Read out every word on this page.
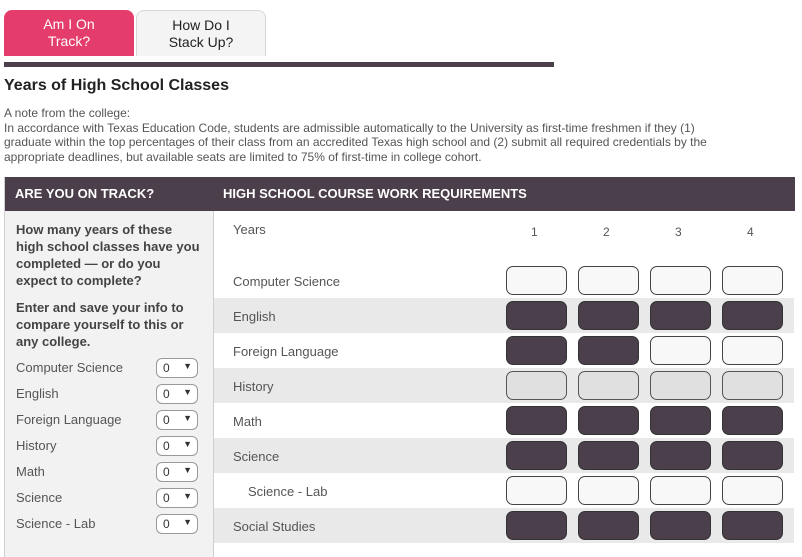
Am I On
Track?
How Do I
Stack Up?
Years of High School Classes
A note from the college:
In accordance with Texas Education Code, students are admissible automatically to the University as first-time freshmen if they (1)
graduate within the top percentages of their class from an accredited Texas high school and (2) submit all required credentials by the
appropriate deadlines, but available seats are limited to 75% of first-time in college cohort.
ARE YOU ON TRACK?	HIGH SCHOOL COURSE WORK REQUIREMENTS
How many years of these high school classes have you completed — or do you expect to complete?
Enter and save your info to compare yourself to this or any college.
Computer Science	0 ▼
English	0 ▼
Foreign Language	0 ▼
History	0 ▼
Math	0 ▼
Science	0 ▼
Science - Lab	0 ▼
Years	1	2	3	4
Computer Science
English
Foreign Language
History
Math
Science
Science - Lab
Social Studies
